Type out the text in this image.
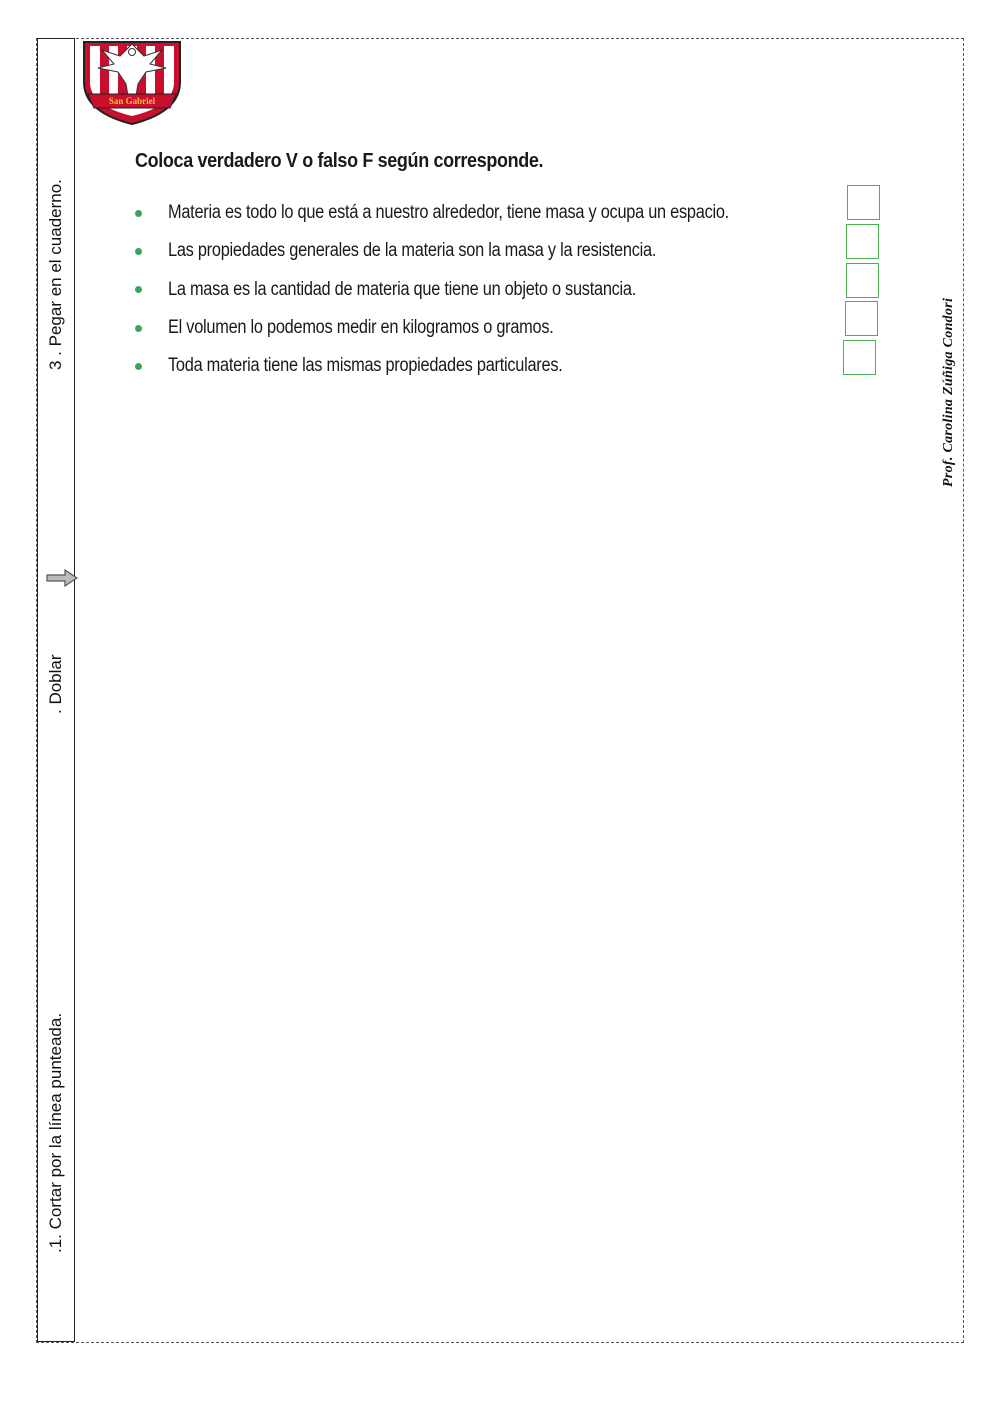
3 . Pegar en el cuaderno.
. Doblar
.1. Cortar por la línea punteada.
San Gabriel
CURICO
Coloca verdadero V o falso F según corresponde.
Materia es todo lo que está a nuestro alrededor, tiene masa y ocupa un espacio.
Las propiedades generales de la materia son la masa y la resistencia.
La masa es la cantidad de materia que tiene un objeto o sustancia.
El volumen lo podemos medir en kilogramos o gramos.
Toda materia tiene las mismas propiedades particulares.	Prof. Carolina Zúñiga Condori
